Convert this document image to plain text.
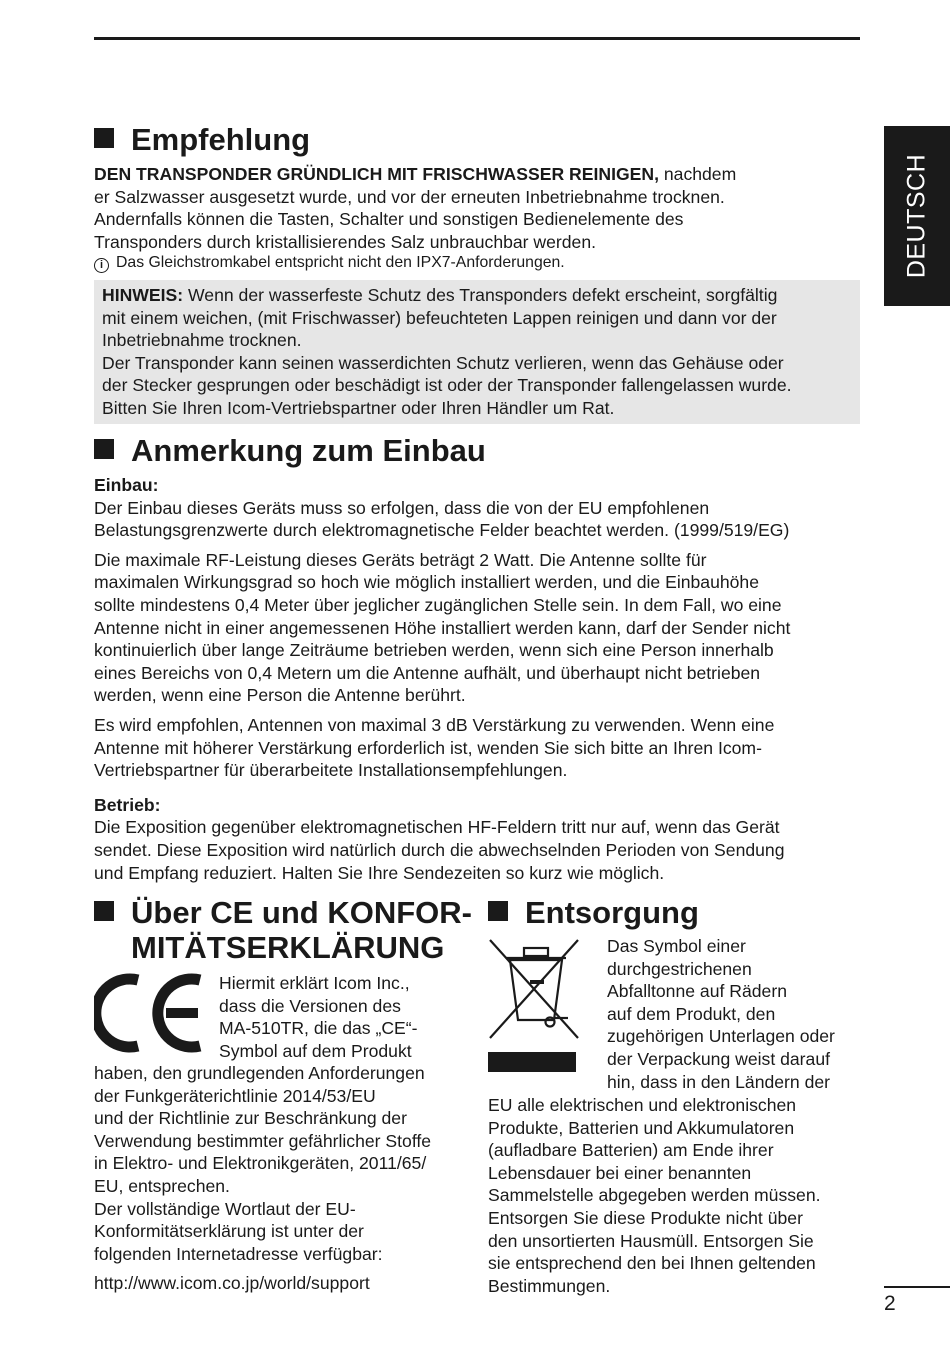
DEUTSCH
Empfehlung

DEN TRANSPONDER GRÜNDLICH MIT FRISCHWASSER REINIGEN, nachdem

er Salzwasser ausgesetzt wurde, und vor der erneuten Inbetriebnahme trocknen.

Andernfalls können die Tasten, Schalter und sonstigen Bedienelemente des

Transponders durch kristallisierendes Salz unbrauchbar werden.

i Das Gleichstromkabel entspricht nicht den IPX7-Anforderungen.

HINWEIS: Wenn der wasserfeste Schutz des Transponders defekt erscheint, sorgfältig

mit einem weichen, (mit Frischwasser) befeuchteten Lappen reinigen und dann vor der

Inbetriebnahme trocknen.

Der Transponder kann seinen wasserdichten Schutz verlieren, wenn das Gehäuse oder

der Stecker gesprungen oder beschädigt ist oder der Transponder fallengelassen wurde.

Bitten Sie Ihren Icom-Vertriebspartner oder Ihren Händler um Rat.

Anmerkung zum Einbau

Einbau:

Der Einbau dieses Geräts muss so erfolgen, dass die von der EU empfohlenen

Belastungsgrenzwerte durch elektromagnetische Felder beachtet werden. (1999/519/EG)

Die maximale RF-Leistung dieses Geräts beträgt 2 Watt. Die Antenne sollte für

maximalen Wirkungsgrad so hoch wie möglich installiert werden, und die Einbauhöhe

sollte mindestens 0,4 Meter über jeglicher zugänglichen Stelle sein. In dem Fall, wo eine

Antenne nicht in einer angemessenen Höhe installiert werden kann, darf der Sender nicht

kontinuierlich über lange Zeiträume betrieben werden, wenn sich eine Person innerhalb

eines Bereichs von 0,4 Metern um die Antenne aufhält, und überhaupt nicht betrieben

werden, wenn eine Person die Antenne berührt.

Es wird empfohlen, Antennen von maximal 3 dB Verstärkung zu verwenden. Wenn eine

Antenne mit höherer Verstärkung erforderlich ist, wenden Sie sich bitte an Ihren Icom-

Vertriebspartner für überarbeitete Installationsempfehlungen.

Betrieb:

Die Exposition gegenüber elektromagnetischen HF-Feldern tritt nur auf, wenn das Gerät

sendet. Diese Exposition wird natürlich durch die abwechselnden Perioden von Sendung

und Empfang reduziert. Halten Sie Ihre Sendezeiten so kurz wie möglich.

Über CE und KONFOR-
MITÄTSERKLÄRUNG

Hiermit erklärt Icom Inc.,

dass die Versionen des

MA-510TR, die das „CE“-

Symbol auf dem Produkt

haben, den grundlegenden Anforderungen

der Funkgeräterichtlinie 2014/53/EU

und der Richtlinie zur Beschränkung der

Verwendung bestimmter gefährlicher Stoffe

in Elektro- und Elektronikgeräten, 2011/65/

EU, entsprechen.

Der vollständige Wortlaut der EU-

Konformitätserklärung ist unter der

folgenden Internetadresse verfügbar:

http://www.icom.co.jp/world/support

Entsorgung

Das Symbol einer

durchgestrichenen

Abfalltonne auf Rädern

auf dem Produkt, den

zugehörigen Unterlagen oder

der Verpackung weist darauf

hin, dass in den Ländern der

EU alle elektrischen und elektronischen

Produkte, Batterien und Akkumulatoren

(aufladbare Batterien) am Ende ihrer

Lebensdauer bei einer benannten

Sammelstelle abgegeben werden müssen.

Entsorgen Sie diese Produkte nicht über

den unsortierten Hausmüll. Entsorgen Sie

sie entsprechend den bei Ihnen geltenden

Bestimmungen.

2
